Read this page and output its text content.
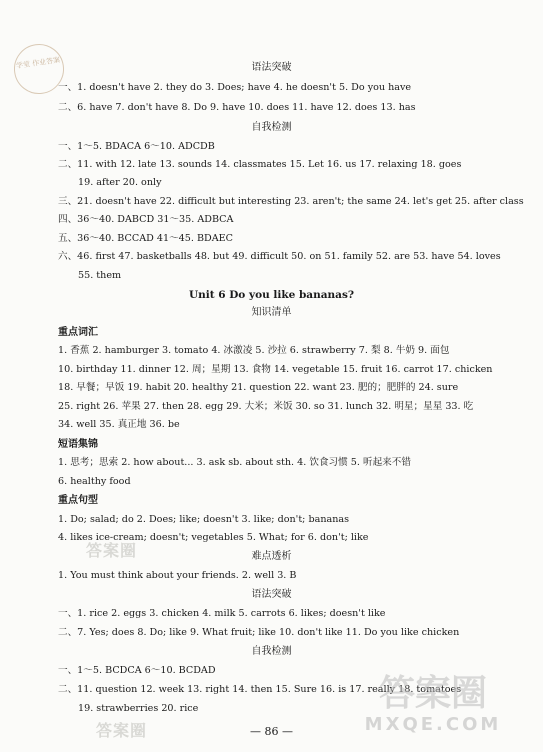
学堂 作业答案
答案圈
答案圈
语法突破
一、1. doesn't have 2. they do 3. Does; have 4. he doesn't 5. Do you have
二、6. have 7. don't have 8. Do 9. have 10. does 11. have 12. does 13. has
自我检测
一、1～5. BDACA 6～10. ADCDB
二、11. with 12. late 13. sounds 14. classmates 15. Let 16. us 17. relaxing 18. goes
19. after 20. only
三、21. doesn't have 22. difficult but interesting 23. aren't; the same 24. let's get 25. after class
四、36～40. DABCD 31～35. ADBCA
五、36～40. BCCAD 41～45. BDAEC
六、46. first 47. basketballs 48. but 49. difficult 50. on 51. family 52. are 53. have 54. loves
55. them
Unit 6 Do you like bananas?
知识清单
重点词汇
1. 香蕉 2. hamburger 3. tomato 4. 冰激凌 5. 沙拉 6. strawberry 7. 梨 8. 牛奶 9. 面包
10. birthday 11. dinner 12. 周；星期 13. 食物 14. vegetable 15. fruit 16. carrot 17. chicken
18. 早餐；早饭 19. habit 20. healthy 21. question 22. want 23. 肥的；肥胖的 24. sure
25. right 26. 苹果 27. then 28. egg 29. 大米；米饭 30. so 31. lunch 32. 明星；星星 33. 吃
34. well 35. 真正地 36. be
短语集锦
1. 思考；思索 2. how about... 3. ask sb. about sth. 4. 饮食习惯 5. 听起来不错
6. healthy food
重点句型
1. Do; salad; do 2. Does; like; doesn't 3. like; don't; bananas
4. likes ice-cream; doesn't; vegetables 5. What; for 6. don't; like
难点透析
1. You must think about your friends. 2. well 3. B
语法突破
一、1. rice 2. eggs 3. chicken 4. milk 5. carrots 6. likes; doesn't like
二、7. Yes; does 8. Do; like 9. What fruit; like 10. don't like 11. Do you like chicken
自我检测
一、1～5. BCDCA 6～10. BCDAD
二、11. question 12. week 13. right 14. then 15. Sure 16. is 17. really 18. tomatoes
19. strawberries 20. rice
— 86 —
答案圈
MXQE.COM
